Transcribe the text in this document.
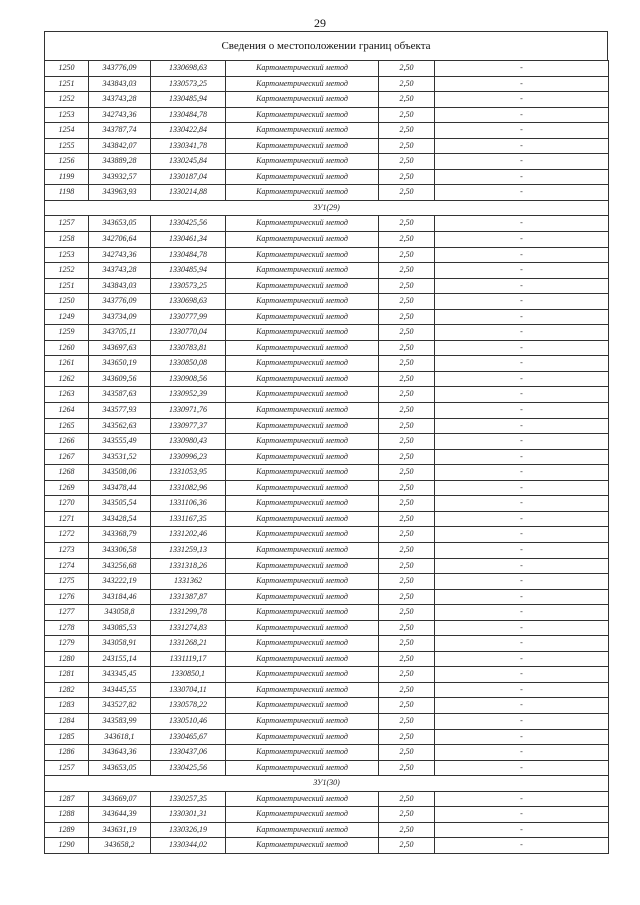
29
Сведения о местоположении границ объекта
1250	343776,09	1330698,63	Картометрический метод	2,50	-
1251	343843,03	1330573,25	Картометрический метод	2,50	-
1252	343743,28	1330485,94	Картометрический метод	2,50	-
1253	342743,36	1330484,78	Картометрический метод	2,50	-
1254	343787,74	1330422,84	Картометрический метод	2,50	-
1255	343842,07	1330341,78	Картометрический метод	2,50	-
1256	343889,28	1330245,84	Картометрический метод	2,50	-
1199	343932,57	1330187,04	Картометрический метод	2,50	-
1198	343963,93	1330214,88	Картометрический метод	2,50	-
ЗУ1(29)					
1257	343653,05	1330425,56	Картометрический метод	2,50	-
1258	342706,64	1330461,34	Картометрический метод	2,50	-
1253	342743,36	1330484,78	Картометрический метод	2,50	-
1252	343743,28	1330485,94	Картометрический метод	2,50	-
1251	343843,03	1330573,25	Картометрический метод	2,50	-
1250	343776,09	1330698,63	Картометрический метод	2,50	-
1249	343734,09	1330777,99	Картометрический метод	2,50	-
1259	343705,11	1330770,04	Картометрический метод	2,50	-
1260	343697,63	1330783,81	Картометрический метод	2,50	-
1261	343650,19	1330850,08	Картометрический метод	2,50	-
1262	343609,56	1330908,56	Картометрический метод	2,50	-
1263	343587,63	1330952,39	Картометрический метод	2,50	-
1264	343577,93	1330971,76	Картометрический метод	2,50	-
1265	343562,63	1330977,37	Картометрический метод	2,50	-
1266	343555,49	1330980,43	Картометрический метод	2,50	-
1267	343531,52	1330996,23	Картометрический метод	2,50	-
1268	343508,06	1331053,95	Картометрический метод	2,50	-
1269	343478,44	1331082,96	Картометрический метод	2,50	-
1270	343505,54	1331106,36	Картометрический метод	2,50	-
1271	343428,54	1331167,35	Картометрический метод	2,50	-
1272	343368,79	1331202,46	Картометрический метод	2,50	-
1273	343306,58	1331259,13	Картометрический метод	2,50	-
1274	343256,68	1331318,26	Картометрический метод	2,50	-
1275	343222,19	1331362	Картометрический метод	2,50	-
1276	343184,46	1331387,87	Картометрический метод	2,50	-
1277	343058,8	1331299,78	Картометрический метод	2,50	-
1278	343085,53	1331274,83	Картометрический метод	2,50	-
1279	343058,91	1331268,21	Картометрический метод	2,50	-
1280	243155,14	1331119,17	Картометрический метод	2,50	-
1281	343345,45	1330850,1	Картометрический метод	2,50	-
1282	343445,55	1330704,11	Картометрический метод	2,50	-
1283	343527,82	1330578,22	Картометрический метод	2,50	-
1284	343583,99	1330510,46	Картометрический метод	2,50	-
1285	343618,1	1330465,67	Картометрический метод	2,50	-
1286	343643,36	1330437,06	Картометрический метод	2,50	-
1257	343653,05	1330425,56	Картометрический метод	2,50	-
ЗУ1(30)					
1287	343669,07	1330257,35	Картометрический метод	2,50	-
1288	343644,39	1330301,31	Картометрический метод	2,50	-
1289	343631,19	1330326,19	Картометрический метод	2,50	-
1290	343658,2	1330344,02	Картометрический метод	2,50	-
